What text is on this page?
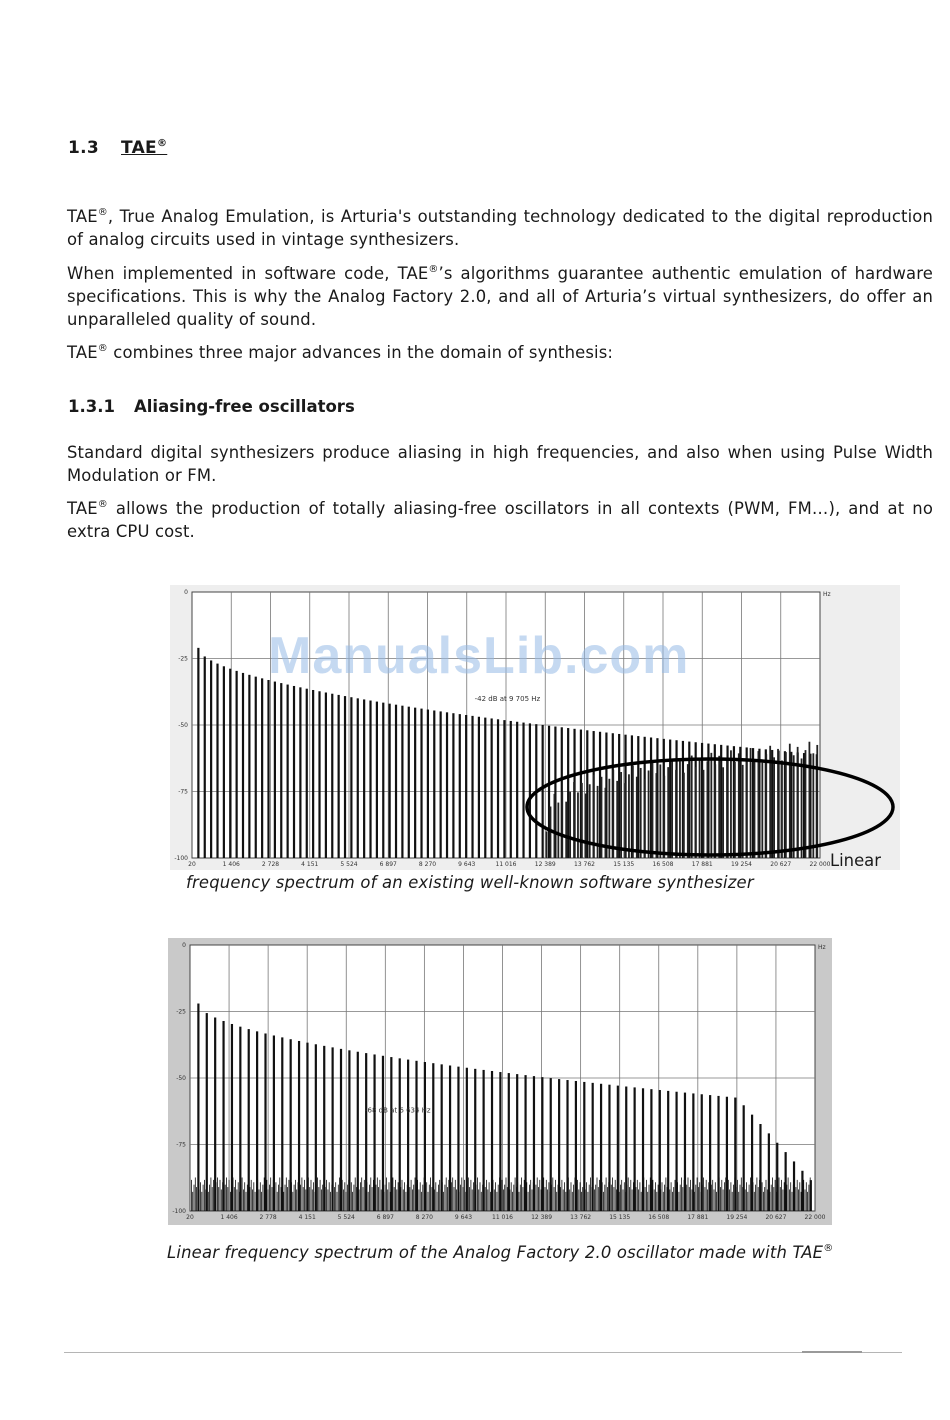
1.3 TAE®

TAE®, True Analog Emulation, is Arturia's outstanding technology dedicated to the digital reproduction of analog circuits used in vintage synthesizers.

When implemented in software code, TAE®’s algorithms guarantee authentic emulation of hardware specifications. This is why the Analog Factory 2.0, and all of Arturia’s virtual synthesizers, do offer an unparalleled quality of sound.

TAE® combines three major advances in the domain of synthesis:

1.3.1 Aliasing-free oscillators

Standard digital synthesizers produce aliasing in high frequencies, and also when using Pulse Width Modulation or FM.

TAE® allows the production of totally aliasing-free oscillators in all contexts (PWM, FM…), and at no extra CPU cost.

0
-25
-50
-75
-100
20	1 406	2 728	4 151	5 524	6 897	8 270	9 643	11 016	12 389	13 762	15 135	16 508	17 881	19 254	20 627	22 000
Hz
-42 dB at 9 705 Hz
ManualsLib.com
Linear
frequency spectrum of an existing well-known software synthesizer
0
-25
-50
-75
-100
20	1 406	2 778	4 151	5 524	6 897	8 270	9 643	11 016	12 389	13 762	15 135	16 508	17 881	19 254	20 627	22 000
Hz
-68 dB at 6 634 Hz
Linear frequency spectrum of the Analog Factory 2.0 oscillator made with TAE®
